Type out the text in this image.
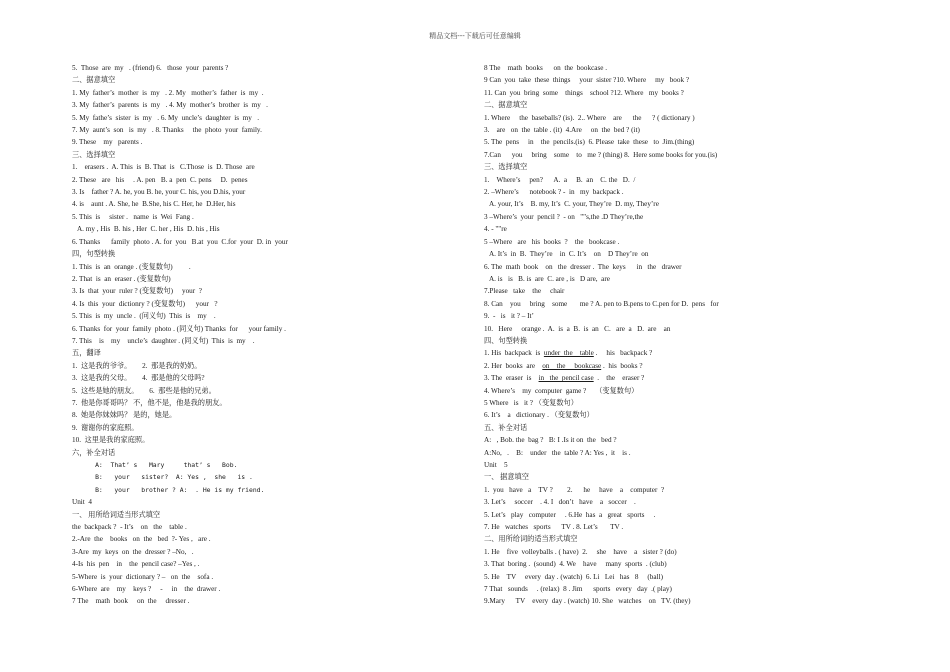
精品文档---下载后可任意编辑
5.  Those  are  my   . (friend) 6.   those  your  parents ?
二、据意填空
1. My  father’s  mother  is  my   . 2. My   mother’s  father  is  my  .
3. My  father’s  parents  is  my   . 4. My  mother’s  brother  is  my   .
5. My  fathe’s  sister  is  my   . 6. My  uncle’s  daughter  is  my   .
7. My  aunt’s  son   is  my   . 8. Thanks     the  photo  your  family.
9. These    my   parents .
三、选择填空
1.    erasers .  A. This  is  B. That  is   C.Those  is  D. Those  are
2. These   are   his     . A. pen   B. a  pen  C. pens     D.  penes
3. Is    father ? A. he, you B. he, your C. his, you D.his, your
4. is    aunt . A. She, he  B.She, his C. Her, he  D.Her, his
5. This  is     sister .   name  is  Wei  Fang .
A. my , His  B. his , Her  C. her , His  D. his , His
6. Thanks      family  photo . A. for  you   B.at  you  C.for  your  D. in  your
四，句型转换
1. This  is  an  orange . (变复数句)         .
2. That  is  an  eraser . (变复数句)
3. Is  that  your  ruler ? (变复数句)     your  ?
4. Is  this  your  dictionry ? (变复数句)      your   ?
5. This  is  my  uncle .  (问义句)  This  is    my    .
6. Thanks  for  your  family  photo . (同义句) Thanks  for      your family .
7. This    is    my    uncle’s  daughter . (同义句)  This  is  my    .
五，翻译
1.  这是我的爷爷。      2.  那是我的奶奶。
3.  这是我的父母。      4.  那是他的父母吗?
5.  这些是她的朋友。      6.  那些是他的兄弟。
7.  他是你哥哥吗？ 不，他不是，他是我的朋友。
8.  她是你妹妹吗？ 是的，她是。
9.  谢谢你的家庭照。
10.  这里是我的家庭照。
六，补全对话
A:  That’ s   Mary     that’ s   Bob.
B:   your   sister?  A: Yes ,  she   is .
B:   your   brother ? A:  . He is my friend.
Unit  4
一、 用所给词适当形式填空
the  backpack ?  - It’s    on   the    table .
2.-Are  the    books   on  the   bed  ?- Yes ,   are .
3-Are  my  keys  on  the  dresser ? –No,   .
4-Is  his  pen    in    the  pencil case? –Yes , .
5-Where  is  your  dictionary ? –   on  the    sofa .
6-Where  are    my    keys ?     -     in    the  drawer .
7 The    math  book     on  the     dresser .
8 The    math  books      on  the  bookcase .
9 Can  you  take  these  things     your  sister ?10. Where     my   book ?
11. Can  you  bring  some    things    school ?12. Where   my  books ?
二、据意填空
1. Where     the  baseballs? (is).  2.. Where    are      the      ? ( dictionary )
3.    are   on  the  table . (it)  4.Are     on  the  bed ? (it)
5. The  pens     in    the  pencils.(is)  6. Please  take  these   to  Jim.(thing)
7.Can      you     bring    some    to   me ? (thing) 8.  Here some books for you.(is)
三、选择填空
1.    Where’s     pen?      A.  a     B.  an    C. the   D.  /
2. –Where’s      notebook ? -  in   my  backpack .
A. your, It’s    B. my, It’s  C. your, They’re  D. my, They’re
3 –Where’s  your  pencil ?  - on   ""s,the .D They’re,the
4. - ""re
5 –Where   are   his  books  ?    the   bookcase .
A. It’s  in  B.  They’re    in  C. It’s    on    D They’re  on
6. The  math  book    on   the  dresser .  The  keys      in   the   drawer
A. is   is   B. is  are  C. are , is   D are,  are
7.Please   take    the     chair
8. Can    you     bring    some       me ? A. pen to B.pens to C.pen for D.  pens   for
9.  -   is   it ? – It’
10.   Here     orange .  A.  is  a  B.  is  an   C.   are  a   D.  are    an
四、句型转换
1. His  backpack  is  under  the    table .     his   backpack ?
2. Her  books  are    on    the     bookcase .  his  books ?
3. The  eraser  is    in   the  pencil case  .    the    eraser ?
4. Where’s    my  computer  game ?     （变复数句）
5 Where   is   it ? （变复数句）
6. It’s    a   dictionary . （变复数句）
五、补全对话
A:   , Bob. the  bag ?   B: I .Is it on  the   bed ?
A:No,   .    B:    under   the  table ? A: Yes ,  it    is .
Unit    5
一、 据意填空
1.  you   have   a    TV ?        2.      he     have    a    computer  ?
3. Let’s     soccer    . 4. I   don’t   have    a   soccer    .
5. Let’s   play   computer     . 6.He  has  a   great   sports     .
7. He   watches   sports      TV . 8. Let’s       TV .
二、用所给词的适当形式填空
1. He    five  volleyballs . ( have)  2.     she    have    a   sister ? (do)
3. That  boring .  (sound)  4. We    have     many  sports  . (club)
5. He    TV     every  day . (watch)  6. Li   Lei   has   8     (ball)
7 That   sounds     . (relax)  8 . Jim      sports   every   day  .( play)
9.Mary      TV    every  day . (watch) 10. She   watches    on   TV. (they)
